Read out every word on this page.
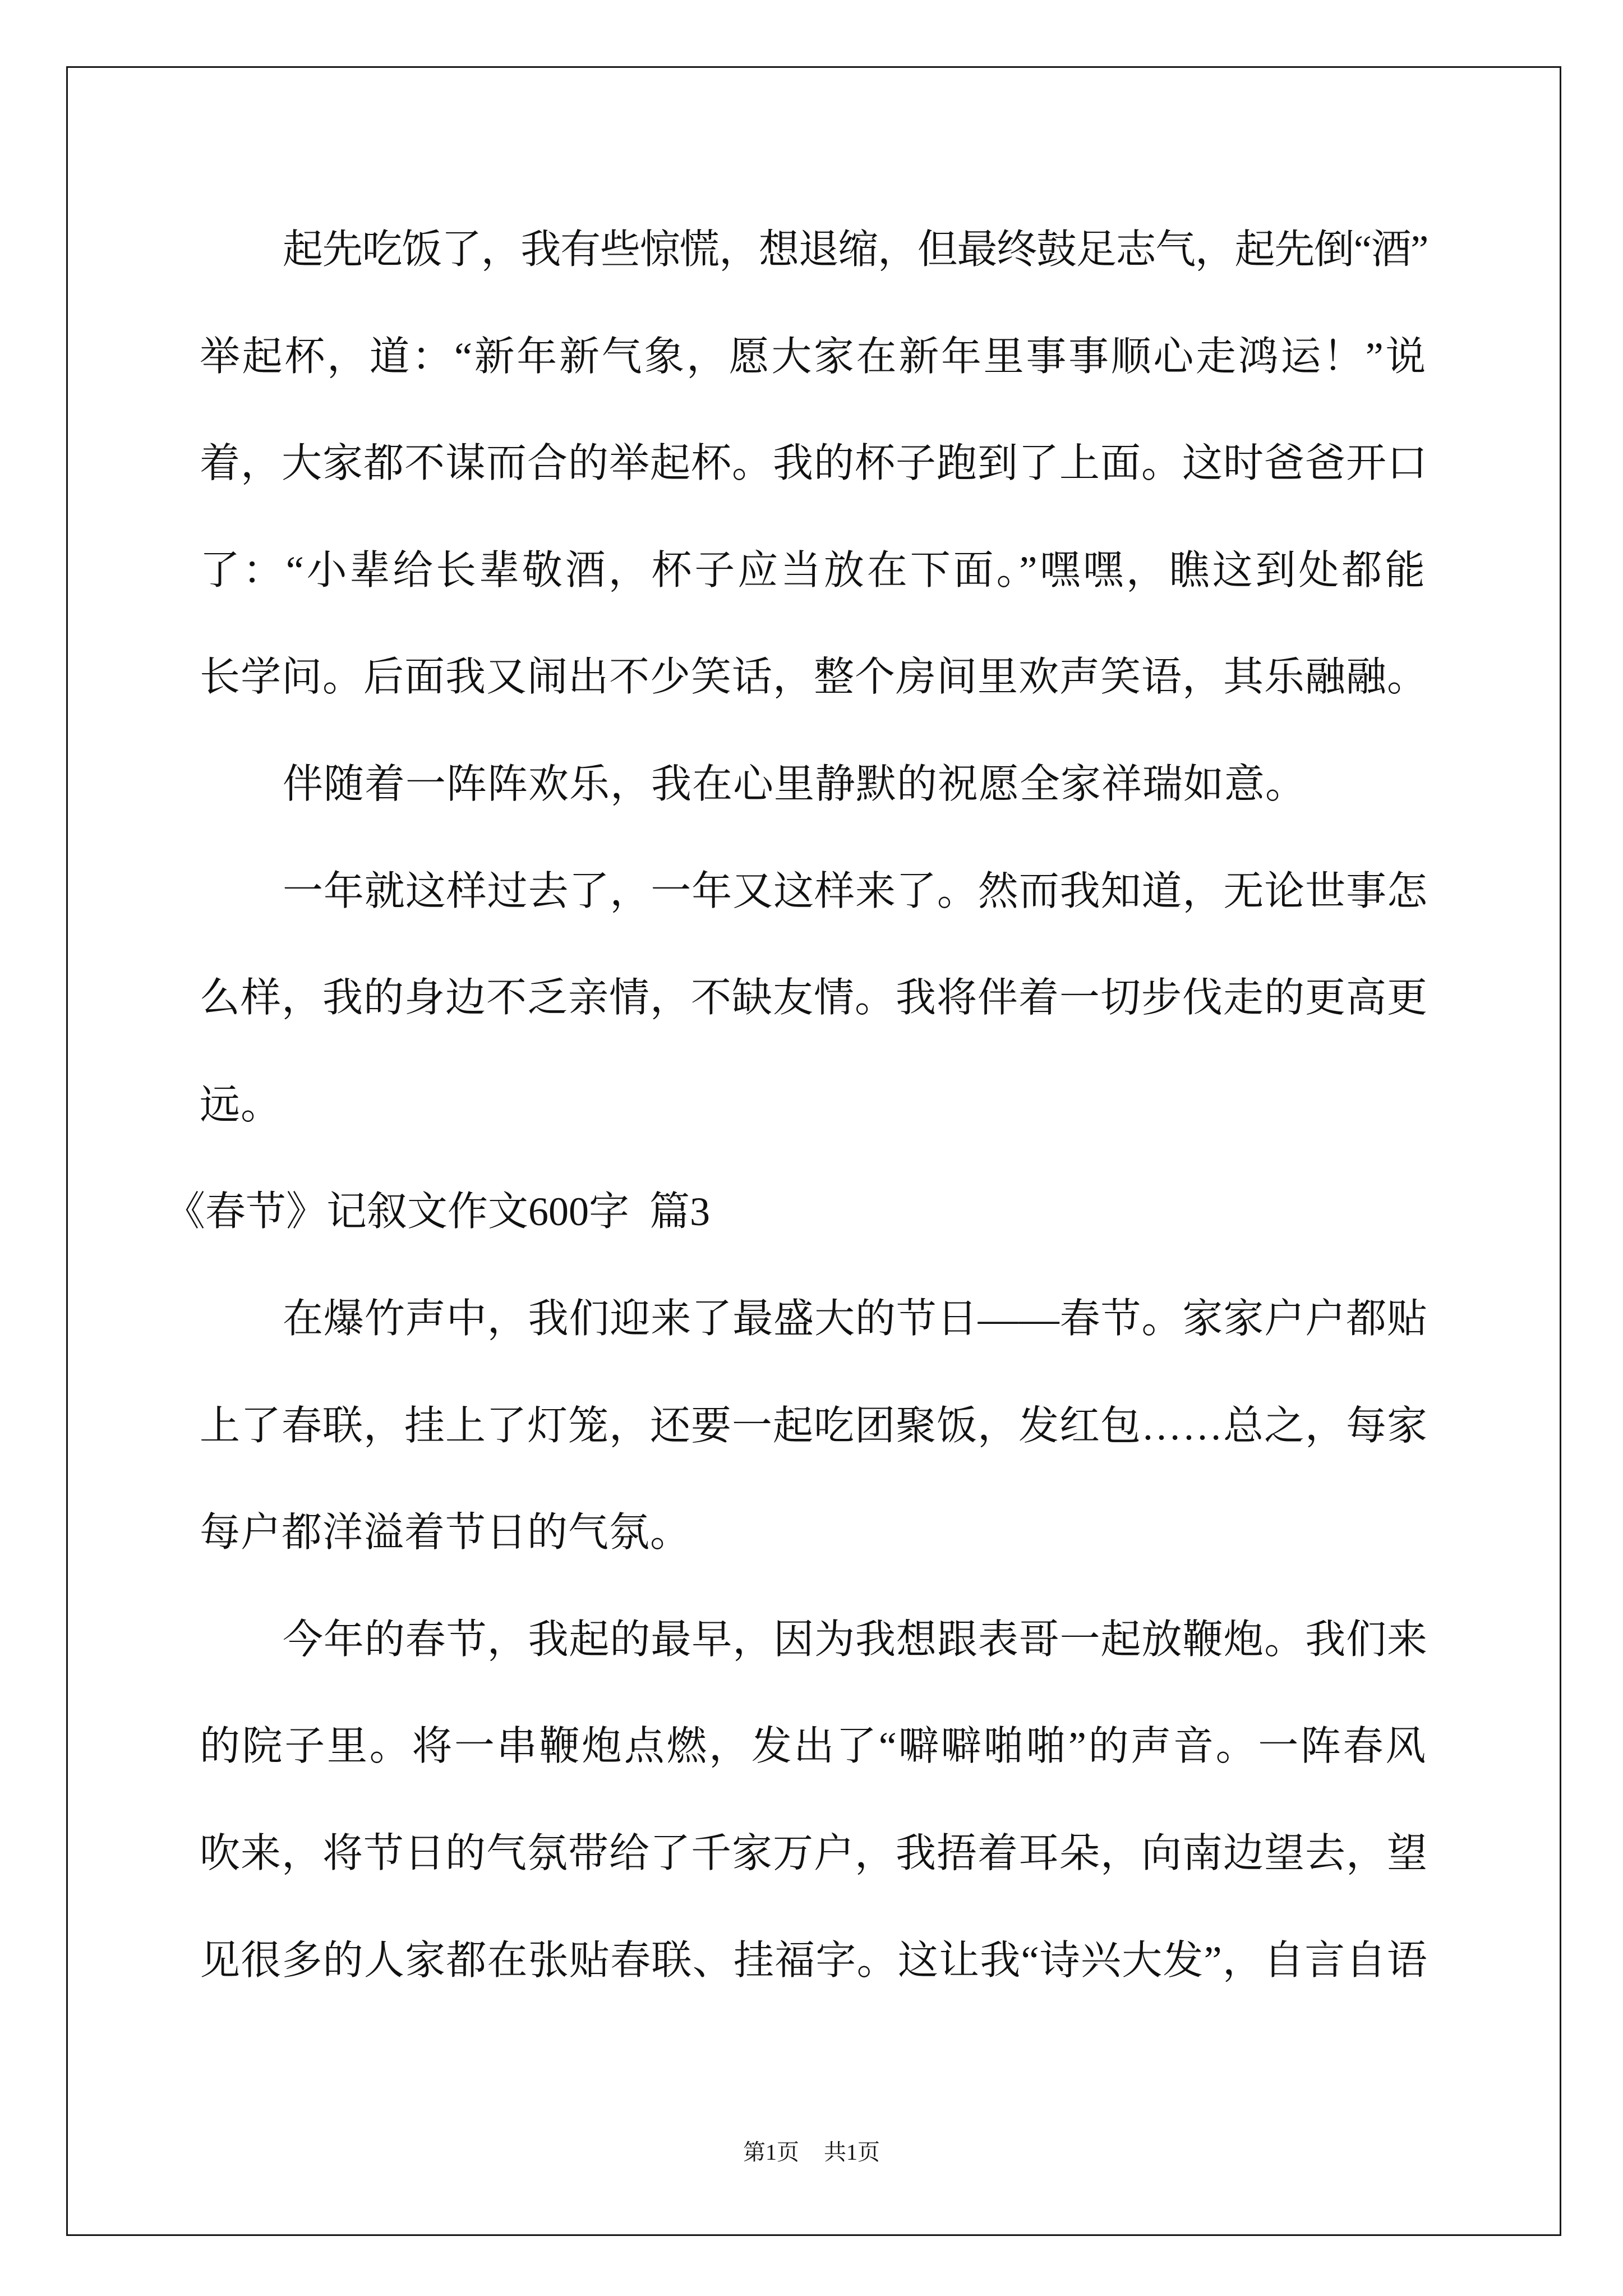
起先吃饭了，我有些惊慌，想退缩，但最终鼓足志气，起先倒“酒”
举起杯，道：“新年新气象，愿大家在新年里事事顺心走鸿运！”说
着，大家都不谋而合的举起杯。我的杯子跑到了上面。这时爸爸开口
了：“小辈给长辈敬酒，杯子应当放在下面。”嘿嘿，瞧这到处都能
长学问。后面我又闹出不少笑话，整个房间里欢声笑语，其乐融融。
伴随着一阵阵欢乐，我在心里静默的祝愿全家祥瑞如意。
一年就这样过去了，一年又这样来了。然而我知道，无论世事怎
么样，我的身边不乏亲情，不缺友情。我将伴着一切步伐走的更高更
远。
《春节》记叙文作文600字  篇3
在爆竹声中，我们迎来了最盛大的节日——春节。家家户户都贴
上了春联，挂上了灯笼，还要一起吃团聚饭，发红包……总之，每家
每户都洋溢着节日的气氛。
今年的春节，我起的最早，因为我想跟表哥一起放鞭炮。我们来
的院子里。将一串鞭炮点燃，发出了“噼噼啪啪”的声音。一阵春风
吹来，将节日的气氛带给了千家万户，我捂着耳朵，向南边望去，望
见很多的人家都在张贴春联、挂福字。这让我“诗兴大发”，自言自语
第1页 共1页
